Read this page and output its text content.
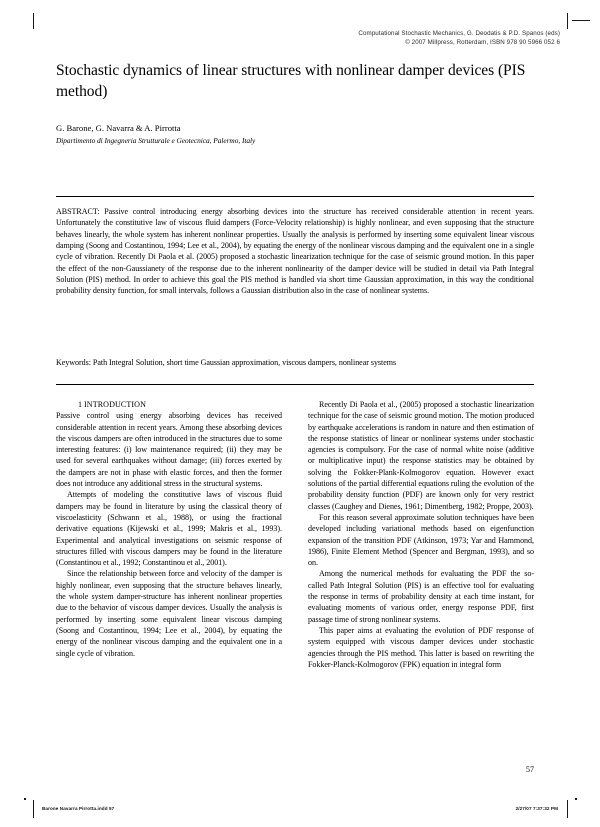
Computational Stochastic Mechanics, G. Deodatis & P.D. Spanos (eds)
© 2007 Millpress, Rotterdam, ISBN 978 90 5966 052 6
Stochastic dynamics of linear structures with nonlinear damper devices (PIS method)

G. Barone, G. Navarra & A. Pirrotta

Dipartimento di Ingegneria Strutturale e Geotecnica, Palermo, Italy

ABSTRACT: Passive control introducing energy absorbing devices into the structure has received considerable attention in recent years. Unfortunately the constitutive law of viscous fluid dampers (Force-Velocity relationship) is highly nonlinear, and even supposing that the structure behaves linearly, the whole system has inherent nonlinear properties. Usually the analysis is performed by inserting some equivalent linear viscous damping (Soong and Costantinou, 1994; Lee et al., 2004), by equating the energy of the nonlinear viscous damping and the equivalent one in a single cycle of vibration. Recently Di Paola et al. (2005) proposed a stochastic linearization technique for the case of seismic ground motion. In this paper the effect of the non-Gaussianety of the response due to the inherent nonlinearity of the damper device will be studied in detail via Path Integral Solution (PIS) method. In order to achieve this goal the PIS method is handled via short time Gaussian approximation, in this way the conditional probability density function, for small intervals, follows a Gaussian distribution also in the case of nonlinear systems.

Keywords: Path Integral Solution, short time Gaussian approximation, viscous dampers, nonlinear systems

1 INTRODUCTION

Passive control using energy absorbing devices has received considerable attention in recent years. Among these absorbing devices the viscous dampers are often introduced in the structures due to some interesting features: (i) low maintenance required; (ii) they may be used for several earthquakes without damage; (iii) forces exerted by the dampers are not in phase with elastic forces, and then the former does not introduce any additional stress in the structural systems.

Attempts of modeling the constitutive laws of viscous fluid dampers may be found in literature by using the classical theory of viscoelasticity (Schwann et al., 1988), or using the fractional derivative equations (Kijewski et al., 1999; Makris et al., 1993). Experimental and analytical investigations on seismic response of structures filled with viscous dampers may be found in the literature (Constantinou et al., 1992; Constantinou et al., 2001).

Since the relationship between force and velocity of the damper is highly nonlinear, even supposing that the structure behaves linearly, the whole system damper-structure has inherent nonlinear properties due to the behavior of viscous damper devices. Usually the analysis is performed by inserting some equivalent linear viscous damping (Soong and Costantinou, 1994; Lee et al., 2004), by equating the energy of the nonlinear viscous damping and the equivalent one in a single cycle of vibration.

Recently Di Paola et al., (2005) proposed a stochastic linearization technique for the case of seismic ground motion. The motion produced by earthquake accelerations is random in nature and then estimation of the response statistics of linear or nonlinear systems under stochastic agencies is compulsory. For the case of normal white noise (additive or multiplicative input) the response statistics may be obtained by solving the Fokker-Plank-Kolmogorov equation. However exact solutions of the partial differential equations ruling the evolution of the probability density function (PDF) are known only for very restrict classes (Caughey and Dienes, 1961; Dimentberg, 1982; Proppe, 2003).

For this reason several approximate solution techniques have been developed including variational methods based on eigenfunction expansion of the transition PDF (Atkinson, 1973; Yar and Hammond, 1986), Finite Element Method (Spencer and Bergman, 1993), and so on.

Among the numerical methods for evaluating the PDF the so-called Path Integral Solution (PIS) is an effective tool for evaluating the response in terms of probability density at each time instant, for evaluating moments of various order, energy response PDF, first passage time of strong nonlinear systems.

This paper aims at evaluating the evolution of PDF response of system equipped with viscous damper devices under stochastic agencies through the PIS method. This latter is based on rewriting the Fokker-Planck-Kolmogorov (FPK) equation in integral form

57
Barone Navarra Pirrotta.indd 57	2/27/07 7:37:32 PM
